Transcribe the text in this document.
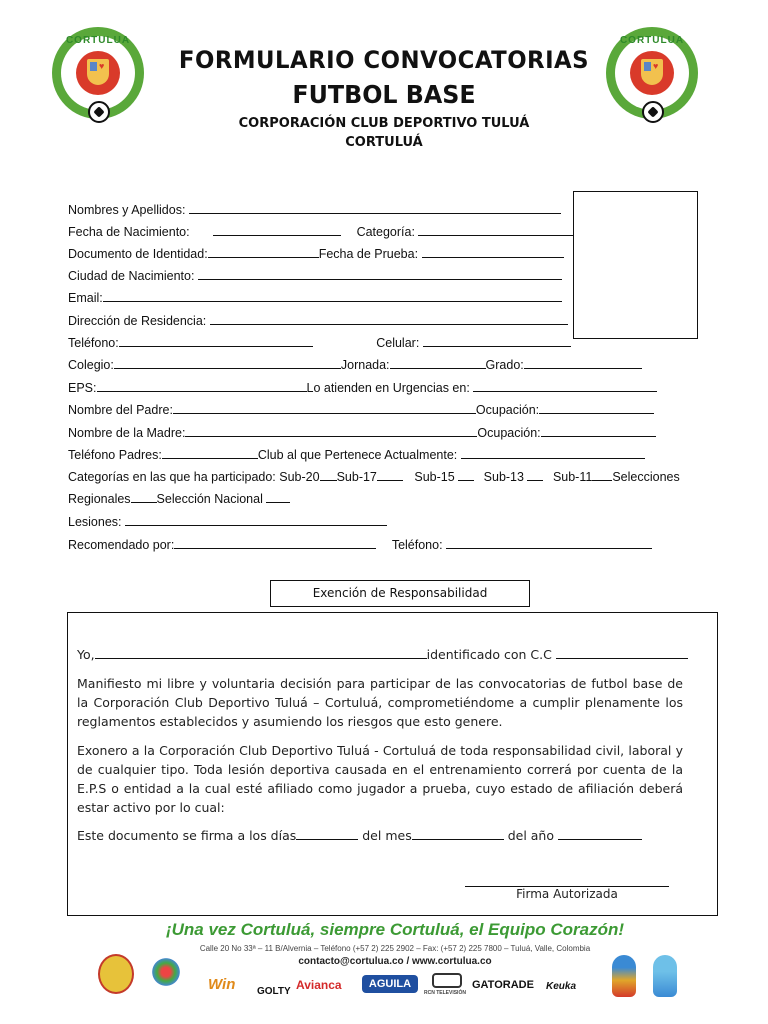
CORTULUA
♥
CORTULUA
♥
FORMULARIO CONVOCATORIAS
FUTBOL BASE
CORPORACIÓN CLUB DEPORTIVO TULUÁ
CORTULUÁ
Nombres y Apellidos:
Fecha de Nacimiento:	Categoría:
Documento de Identidad:	Fecha de Prueba:
Ciudad de Nacimiento:
Email:
Dirección de Residencia:
Teléfono:	Celular:
Colegio:	Jornada:	Grado:
EPS:	Lo atienden en Urgencias en:
Nombre del Padre:	Ocupación:
Nombre de la Madre:	Ocupación:
Teléfono Padres:	Club al que Pertenece Actualmente:
Categorías en las que ha participado: Sub-20 Sub-17	Sub-15 Sub-13 Sub-11 Selecciones
Regionales Selección Nacional
Lesiones:
Recomendado por:	Teléfono:
Exención de Responsabilidad
Yo,	identificado con C.C
Manifiesto mi libre y voluntaria decisión para participar de las convocatorias de futbol base de la Corporación Club Deportivo Tuluá – Cortuluá, comprometiéndome a cumplir plenamente los reglamentos establecidos y asumiendo los riesgos que esto genere.
Exonero a la Corporación Club Deportivo Tuluá - Cortuluá de toda responsabilidad civil, laboral y de cualquier tipo. Toda lesión deportiva causada en el entrenamiento correrá por cuenta de la E.P.S o entidad a la cual esté afiliado como jugador a prueba, cuyo estado de afiliación deberá estar activo por lo cual:
Este documento se firma a los días	del mes	del año
Firma Autorizada
¡Una vez Cortuluá, siempre Cortuluá, el Equipo Corazón!
Calle 20 No 33ª – 11 B/Alvernia – Teléfono (+57 2) 225 2902 – Fax: (+57 2) 225 7800 – Tuluá, Valle, Colombia
contacto@cortulua.co / www.cortulua.co
Win GOLTY Avianca	AGUILA
RCN TELEVISIÓN
GATORADE Keuka
